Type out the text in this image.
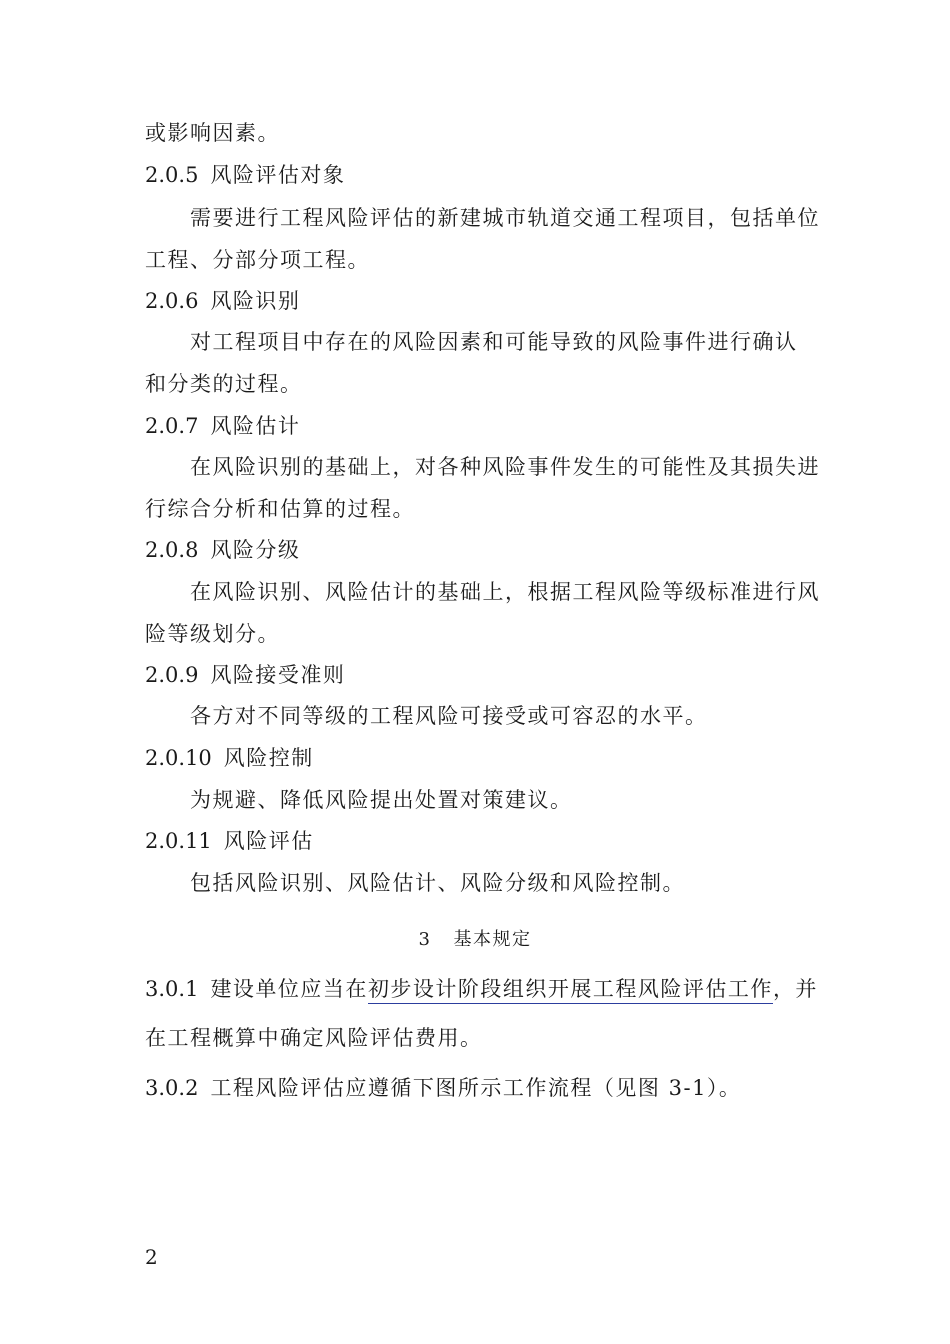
或影响因素。
2.0.5 风险评估对象
需要进行工程风险评估的新建城市轨道交通工程项目，包括单位
工程、分部分项工程。
2.0.6 风险识别
对工程项目中存在的风险因素和可能导致的风险事件进行确认
和分类的过程。
2.0.7 风险估计
在风险识别的基础上，对各种风险事件发生的可能性及其损失进
行综合分析和估算的过程。
2.0.8 风险分级
在风险识别、风险估计的基础上，根据工程风险等级标准进行风
险等级划分。
2.0.9 风险接受准则
各方对不同等级的工程风险可接受或可容忍的水平。
2.0.10 风险控制
为规避、降低风险提出处置对策建议。
2.0.11 风险评估
包括风险识别、风险估计、风险分级和风险控制。
3 基本规定
3.0.1 建设单位应当在初步设计阶段组织开展工程风险评估工作，并
在工程概算中确定风险评估费用。
3.0.2 工程风险评估应遵循下图所示工作流程（见图 3-1）。
2
